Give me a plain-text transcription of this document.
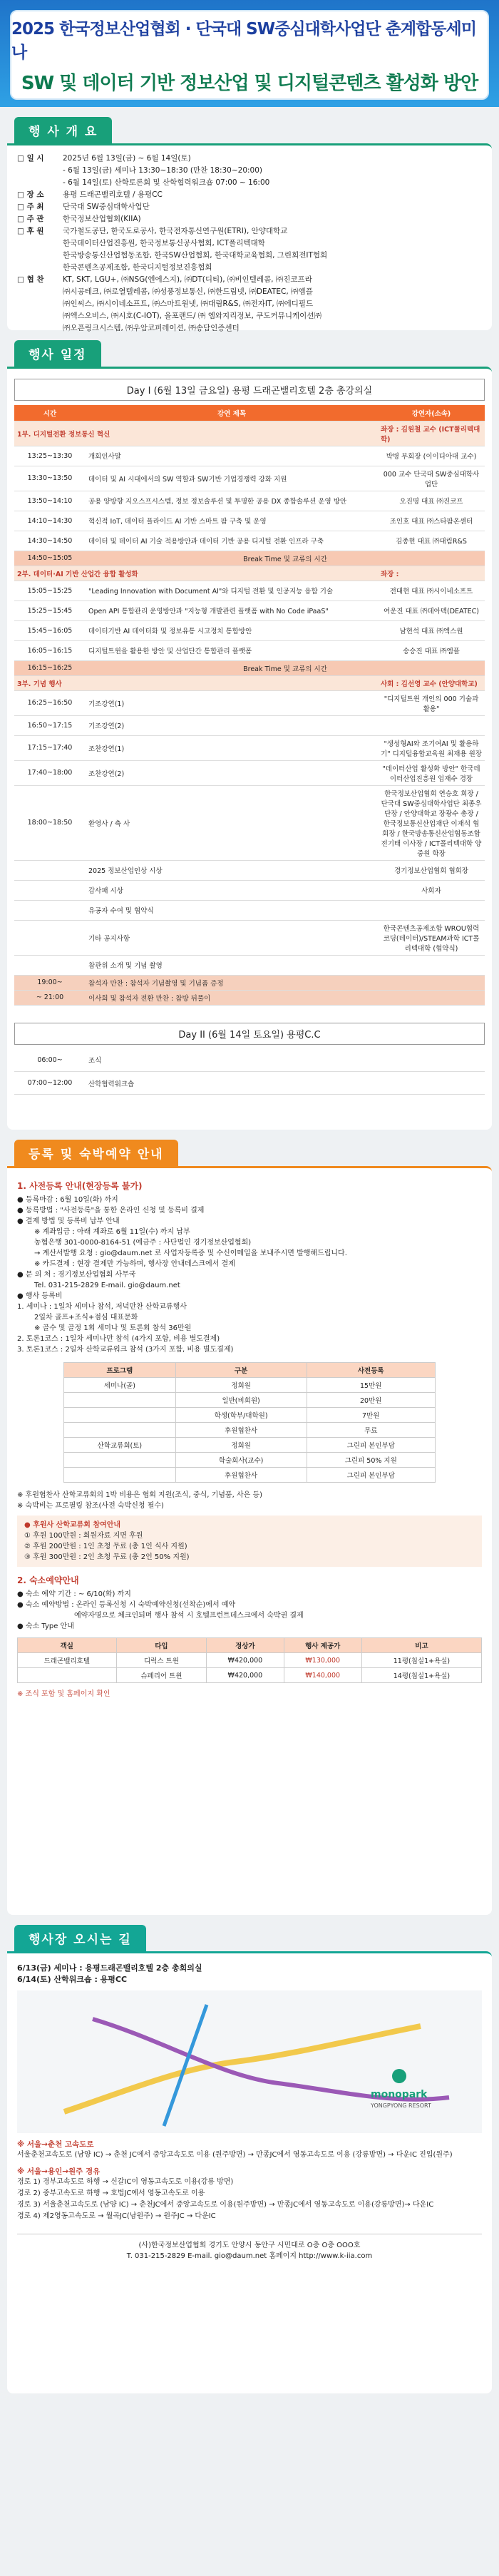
2025 한국정보산업협회 · 단국대 SW중심대학사업단 춘계합동세미나
SW 및 데이터 기반 정보산업 및 디지털콘텐츠 활성화 방안
행 사 개 요
□ 일 시	2025년 6월 13일(금) ~ 6월 14일(토)
- 6월 13일(금) 세미나 13:30~18:30 (만찬 18:30~20:00)
- 6월 14일(토) 산학토론회 및 산학협력워크숍 07:00 ~ 16:00
□ 장 소	용평 드래곤밸리호텔 / 용평CC
□ 주 최	단국대 SW중심대학사업단
□ 주 관	한국정보산업협회(KIIA)
□ 후 원	국가철도공단, 한국도로공사, 한국전자통신연구원(ETRI), 안양대학교
한국데이터산업진흥원, 한국정보통신공사협회, ICT폴리텍대학
한국방송통신산업협동조합, 한국SW산업협회, 한국대학교육협회, 그린회전IT협회
한국콘텐츠공제조합, 한국디지털정보진흥협회
□ 협 찬	KT, SKT, LGU+, ㈜NSG(엔에스지), ㈜DT(디티), ㈜비인텔레콤, ㈜진코프라
㈜시공테크, ㈜로열텔레콤, ㈜성풍정보통신, ㈜한드림넷, ㈜DEATEC, ㈜엠플
㈜인씨스, ㈜시이네소프트, ㈜스마트원넷, ㈜대림R&S, ㈜전자IT, ㈜에디필드
㈜엑스오비스, ㈜시호(C-IOT), 올포랜드/ ㈜ 엠와지리정보, 쿠도커뮤니케이션㈜
㈜오픈링크시스템, ㈜우암코퍼레이션, ㈜송담인증센터
행사 일정
Day I (6월 13일 금요일) 용평 드래곤밸리호텔 2층 총강의실
시간	강연 제목	강연자(소속)
1부. 디지털전환 정보통신 혁신		좌장 : 김원철 교수 (ICT폴리텍대학)
13:25~13:30	개회인사말	박병 부회장 (이이디아대 교수)
13:30~13:50	데이터 및 AI 시대에서의 SW 역할과 SW기반 기업경쟁력 강화 지원	000 교수 단국대 SW중심대학사업단
13:50~14:10	공용 양방향 지오스프시스템, 정보 정보솔루션 및 투명한 공용 DX 종합솔루션 운영 방안	오진명 대표 ㈜진코프
14:10~14:30	혁신적 IoT, 데이터 플라이드 AI 기반 스마트 팜 구축 및 운영	조인호 대표 ㈜스타팜온센터
14:30~14:50	데이터 및 데이터 AI 기술 적용방안과 데이터 기반 공용 디지털 전환 인프라 구축	김종현 대표 ㈜대림R&S
14:50~15:05	Break Time 및 교류의 시간	
2부. 데이터·AI 기반 산업간 융합 활성화		좌장 :
15:05~15:25	"Leading Innovation with Document AI"와 디지털 전환 및 인공지능 융합 기술	전대현 대표 ㈜시이네소프트
15:25~15:45	Open API 통합관리 운영방안과 "지능형 개발관련 플랫폼 with No Code iPaaS"	여운진 대표 ㈜데아텍(DEATEC)
15:45~16:05	데이터기반 AI 데이터화 및 정보유통 시고정치 통합방안	남현석 대표 ㈜엑스원
16:05~16:15	디지털트윈을 활용한 방안 및 산업단간 통합관리 플랫폼	송승진 대표 ㈜엠플
16:15~16:25	Break Time 및 교류의 시간	
3부. 기념 행사		사회 : 김선영 교수 (안양대학교)
16:25~16:50	기조강연(1)	"디지털트윈 개인의 000 기술과 활용"
16:50~17:15	기조강연(2)	
17:15~17:40	조찬강연(1)	"생성형AI와 조기여AI 및 활용하기" 디지털융합교육원 최재용 원장
17:40~18:00	조찬강연(2)	"데이터산업 활성화 방안" 한국데이터산업진흥원 엄재수 경장
18:00~18:50	환영사 / 축 사	한국정보산업협회 연승호 회장 / 단국대 SW중심대학사업단 최종우 단장 / 안양대학교 장광수 총장 / 한국정보통신산업재단 이재석 협회장 / 한국방송통신산업협동조합 전기태 이사장 / ICT폴리텍대학 양중원 학장
	2025 정보산업인상 시상	경기정보산업협회 협회장
	감사패 시상	사회자
	유공자 수여 및 협약식	
	기타 공지사항	한국콘텐츠공제조합 WROU협력코딩(데이터)/STEAM과학 ICT폴리텍대학 (협약식)
	참관위 소개 및 기념 촬영	
19:00~	참석자 만찬 : 참석자 기념촬영 및 기념품 증정	
~ 21:00	이사회 및 참석자 전환 만찬 : 참방 뒤풀이	
Day II (6월 14일 토요일) 용평C.C
06:00~	조식
07:00~12:00	산학협력워크숍
등록 및 숙박예약 안내
1. 사전등록 안내(현장등록 불가)

● 등록마감 : 6월 10일(화) 까지

● 등록방법 : "사전등록"을 통한 온라인 신청 및 등록비 결제

● 결제 방법 및 등록비 납부 안내

※ 계좌입금 : 아래 계좌로 6월 11일(수) 까지 납부

농협은행 301-0000-8164-51 (예금주 : 사단법인 경기정보산업협회)

→ 계산서발행 요청 : gio@daum.net 로 사업자등록증 및 수신이메일을 보내주시면 발행해드립니다.

※ 카드결제 : 현장 결제만 가능하며, 행사장 안내데스크에서 결제

● 문 의 처 : 경기정보산업협회 사무국

Tel. 031-215-2829 E-mail. gio@daum.net

● 행사 등록비

1. 세미나 : 1일차 세미나 참석, 저녁만찬 산학교류행사

2일차 골프+조식+점심 대표문화

※ 골수 및 골정 1회 세미나 및 토론회 참석 36만원

2. 토론1코스 : 1일차 세미나만 참석 (4가지 포함, 비용 별도결제)

3. 토론1코스 : 2일차 산학교류워크 참석 (3가지 포함, 비용 별도결제)

프로그램	구분	사전등록
세미나(골)	정회원	15만원
	일반(비회원)	20만원
	학생(학부/대학원)	7만원
	후원협찬사	무료
산학교류회(토)	정회원	그린피 본인부담
	학술회사(교수)	그린피 50% 지원
	후원협찬사	그린피 본인부담

※ 후원협찬사 산학교류회의 1박 비용은 협회 지원(조식, 중식, 기념품, 사은 등)

※ 숙박비는 프로필링 참조(사전 숙박신청 필수)

● 후원사 산학교류회 참여안내
① 후원 100만원 : 회원자료 지면 후원
② 후원 200만원 : 1인 초청 무료 (총 1인 식사 지원)
③ 후원 300만원 : 2인 초청 무료 (총 2인 50% 지원)
2. 숙소예약안내

● 숙소 예약 기간 : ~ 6/10(화) 까지

● 숙소 예약방법 : 온라인 등록신청 시 숙박예약신청(선착순)에서 예약

예약자명으로 체크인되며 행사 참석 시 호텔프런트데스크에서 숙박권 결제

● 숙소 Type 안내

객실	타입	정상가	행사 제공가	비고
드래곤밸리호텔	디럭스 트윈	₩420,000	₩130,000	11평(침실1+욕실)
	슈페리어 트윈	₩420,000	₩140,000	14평(침실1+욕실)

※ 조식 포함 및 홈페이지 확인

행사장 오시는 길

6/13(금) 세미나 : 용평드래곤밸리호텔 2층 총회의실

6/14(토) 산학워크숍 : 용평CC

monopark
YONGPYONG RESORT

※ 서울→춘천 고속도로

서울춘천고속도로 (남양 IC) → 춘천 JC에서 중앙고속도로 이용 (원주방면) → 만종JC에서 영동고속도로 이용 (강릉방면) → 다운IC 진입(원주)

※ 서울→용인→원주 경유

경로 1) 경부고속도로 하행 → 신갈IC이 영동고속도로 이용(강릉 방면)
경로 2) 중부고속도로 하행 → 호법JC에서 영동고속도로 이용
경로 3) 서울춘천고속도로 (남양 IC) → 춘천JC에서 중앙고속도로 이용(원주방면) → 만종JC에서 영동고속도로 이용(강릉방면)→ 다운IC
경로 4) 제2영동고속도로 → 월곡JC(남원주) → 원주JC → 다운IC

(사)한국정보산업협회 경기도 안양시 동안구 시민대로 O층 O층 OOO호
T. 031-215-2829 E-mail. gio@daum.net 홈페이지 http://www.k-iia.com
